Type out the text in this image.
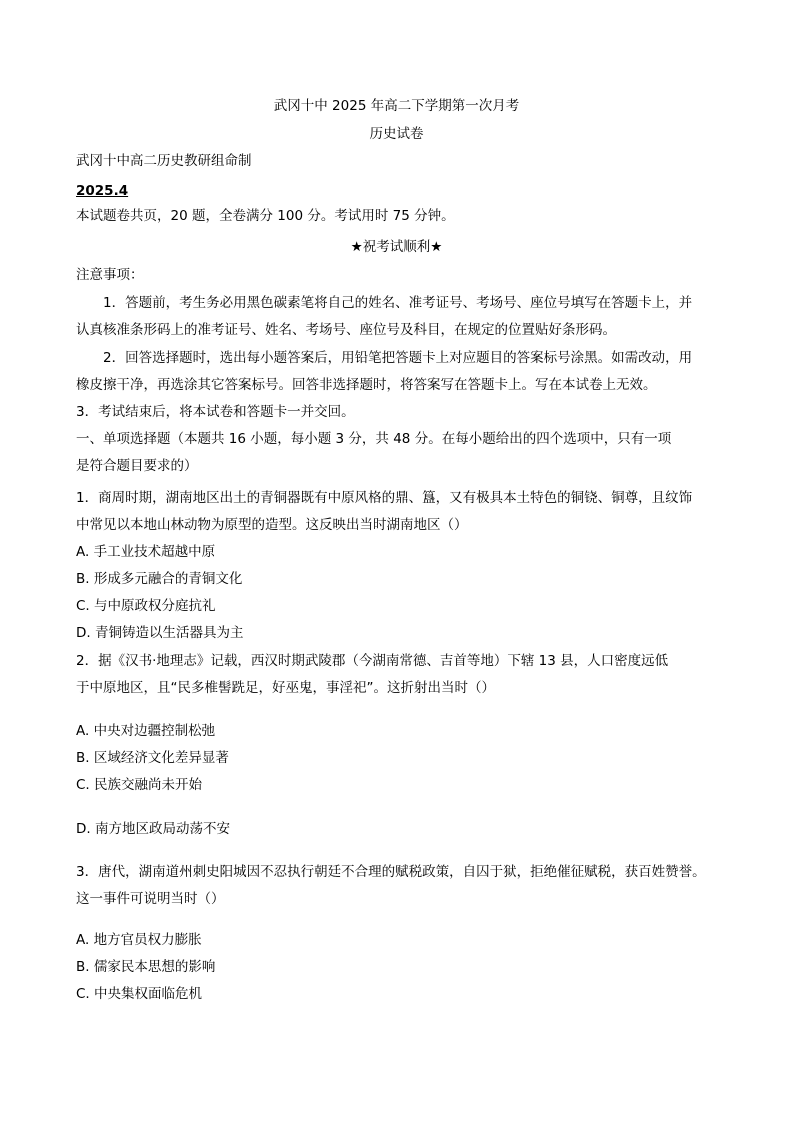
武冈十中 2025 年高二下学期第一次月考
历史试卷
武冈十中高二历史教研组命制
2025.4
本试题卷共页，20 题，全卷满分 100 分。考试用时 75 分钟。
★祝考试顺利★
注意事项：
1．答题前，考生务必用黑色碳素笔将自己的姓名、准考证号、考场号、座位号填写在答题卡上，并
认真核准条形码上的准考证号、姓名、考场号、座位号及科目，在规定的位置贴好条形码。
2．回答选择题时，选出每小题答案后，用铅笔把答题卡上对应题目的答案标号涂黑。如需改动，用
橡皮擦干净，再选涂其它答案标号。回答非选择题时，将答案写在答题卡上。写在本试卷上无效。
3．考试结束后，将本试卷和答题卡一并交回。
一、单项选择题（本题共 16 小题，每小题 3 分，共 48 分。在每小题给出的四个选项中，只有一项
是符合题目要求的）
1．商周时期，湖南地区出土的青铜器既有中原风格的鼎、簋，又有极具本土特色的铜铙、铜尊，且纹饰
中常见以本地山林动物为原型的造型。这反映出当时湖南地区（）
A. 手工业技术超越中原
B. 形成多元融合的青铜文化
C. 与中原政权分庭抗礼
D. 青铜铸造以生活器具为主
2．据《汉书·地理志》记载，西汉时期武陵郡（今湖南常德、吉首等地）下辖 13 县，人口密度远低
于中原地区，且“民多椎髻跣足，好巫鬼，事淫祀”。这折射出当时（）
A. 中央对边疆控制松弛
B. 区域经济文化差异显著
C. 民族交融尚未开始
D. 南方地区政局动荡不安
3．唐代，湖南道州刺史阳城因不忍执行朝廷不合理的赋税政策，自囚于狱，拒绝催征赋税，获百姓赞誉。
这一事件可说明当时（）
A. 地方官员权力膨胀
B. 儒家民本思想的影响
C. 中央集权面临危机
